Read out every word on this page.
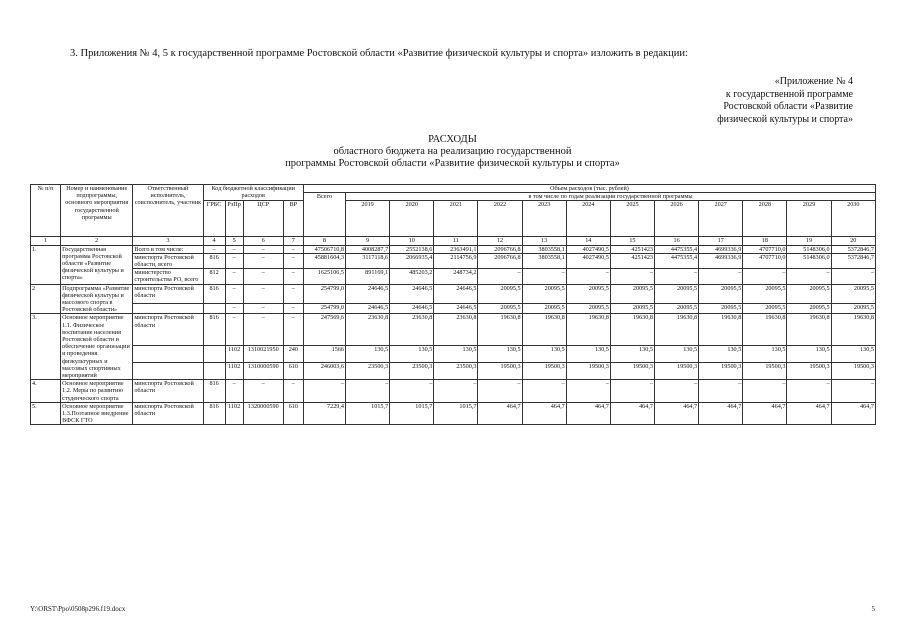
3. Приложения № 4, 5 к государственной программе Ростовской области «Развитие физической культуры и спорта» изложить в редакции:
«Приложение № 4
к государственной программе
Ростовской области «Развитие
физической культуры и спорта»
РАСХОДЫ
областного бюджета на реализацию государственной
программы Ростовской области «Развитие физической культуры и спорта»
№ п/п	Номер и наименование подпрограммы, основного мероприятия государственной программы	Ответственный исполнитель, соисполнитель, участник	Код бюджетной классификации расходов				Объем расходов (тыс. рублей)												
							Всего	в том числе по годам реализации государственной программы											
			ГРБС	РзПр	ЦСР	ВР		2019	2020	2021	2022	2023	2024	2025	2026	2027	2028	2029	2030
1	2	3	4	5	6	7	8	9	10	11	12	13	14	15	16	17	18	19	20
1.	Государственная программа Ростовской области «Развитие физической культуры и спорта»	Всего в том числе:	–	–	–	–	47506710,8	4008287,7	2552138,6	2363491,1	2096766,8	3803558,1	4027490,5	4251423	4475355,4	4699336,9	4707710,0	5148306,0	5372846,7
		минспорта Ростовской области, всего	816	–	–	–	45881604,3	3117118,6	2066935,4	2114756,9	2096766,8	3803558,1	4027490,5	4251423	4475355,4	4699336,9	4707710,0	5148306,0	5372846,7
		министерство строительства РО, всего	812	–	–	–	1625106,5	891169,1	485203,2	248734,2	–	–	–	–	–	–	–	–	–
2	Подпрограмма «Развитие физической культуры и массового спорта в Ростовской области»	минспорта Ростовской области	816	–	–	–	254799,0	24646,5	24646,5	24646,5	20095,5	20095,5	20095,5	20095,5	20095,5	20095,5	20095,5	20095,5	20095,5
				–	–	–	254799,0	24646,5	24646,5	24646,5	20095,5	20095,5	20095,5	20095,5	20095,5	20095,5	20095,5	20095,5	20095,5
3.	Основное мероприятие 1.1. Физическое воспитание населения Ростовской области и обеспечение организации и проведения физкультурных и массовых спортивных мероприятий	минспорта Ростовской области	816	–	–	–	247569,6	23630,8	23630,8	23630,8	19630,8	19630,8	19630,8	19630,8	19630,8	19630,8	19630,8	19630,8	19630,8
				1102	1310021950	240	1566	130,5	130,5	130,5	130,5	130,5	130,5	130,5	130,5	130,5	130,5	130,5	130,5
				1102	1310000590	610	246003,6	23500,3	23500,3	23500,3	19500,3	19500,3	19500,3	19500,3	19500,3	19500,3	19500,3	19500,3	19500,3
4.	Основное мероприятие 1.2. Меры по развитию студенческого спорта	минспорта Ростовской области	816	–	–	–	–	–	–	–	–	–	–	–	–	–	–	–	–
5.	Основное мероприятие 1.3.Поэтапное внедрение ВФСК ГТО	минспорта Ростовской области	816	1102	1320000590	610	7229,4	1015,7	1015,7	1015,7	464,7	464,7	464,7	464,7	464,7	464,7	464,7	464,7	464,7
Y:\ORST\Ppo\0508p296.f19.docx	5
